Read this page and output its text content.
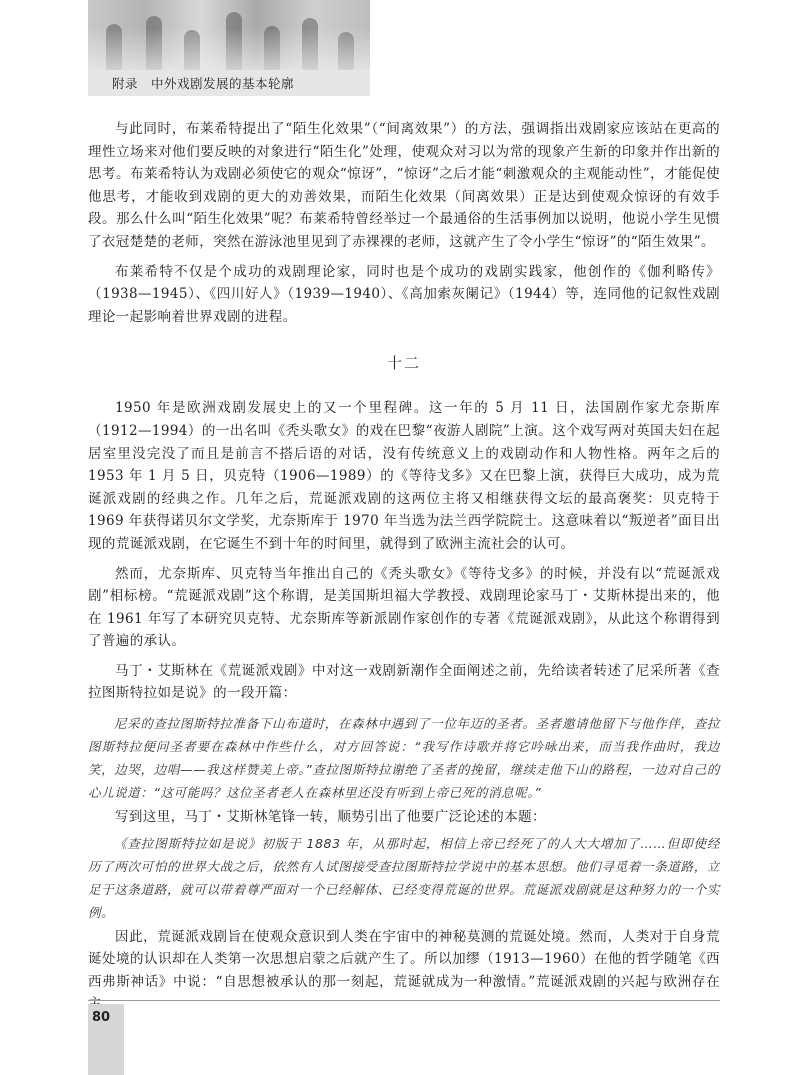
附录　中外戏剧发展的基本轮廓

与此同时，布莱希特提出了“陌生化效果”（“间离效果”）的方法，强调指出戏剧家应该站在更高的理性立场来对他们要反映的对象进行“陌生化”处理，使观众对习以为常的现象产生新的印象并作出新的思考。布莱希特认为戏剧必须使它的观众“惊讶”，“惊讶”之后才能“刺激观众的主观能动性”，才能促使他思考，才能收到戏剧的更大的劝善效果，而陌生化效果（间离效果）正是达到使观众惊讶的有效手段。那么什么叫“陌生化效果”呢？布莱希特曾经举过一个最通俗的生活事例加以说明，他说小学生见惯了衣冠楚楚的老师，突然在游泳池里见到了赤裸裸的老师，这就产生了令小学生“惊讶”的“陌生效果”。

布莱希特不仅是个成功的戏剧理论家，同时也是个成功的戏剧实践家，他创作的《伽利略传》（1938—1945）、《四川好人》（1939—1940）、《高加索灰阑记》（1944）等，连同他的记叙性戏剧理论一起影响着世界戏剧的进程。

十二

1950 年是欧洲戏剧发展史上的又一个里程碑。这一年的 5 月 11 日，法国剧作家尤奈斯库（1912—1994）的一出名叫《秃头歌女》的戏在巴黎“夜游人剧院”上演。这个戏写两对英国夫妇在起居室里没完没了而且是前言不搭后语的对话，没有传统意义上的戏剧动作和人物性格。两年之后的 1953 年 1 月 5 日，贝克特（1906—1989）的《等待戈多》又在巴黎上演，获得巨大成功，成为荒诞派戏剧的经典之作。几年之后，荒诞派戏剧的这两位主将又相继获得文坛的最高褒奖：贝克特于 1969 年获得诺贝尔文学奖，尤奈斯库于 1970 年当选为法兰西学院院士。这意味着以“叛逆者”面目出现的荒诞派戏剧，在它诞生不到十年的时间里，就得到了欧洲主流社会的认可。

然而，尤奈斯库、贝克特当年推出自己的《秃头歌女》《等待戈多》的时候，并没有以“荒诞派戏剧”相标榜。“荒诞派戏剧”这个称谓，是美国斯坦福大学教授、戏剧理论家马丁・艾斯林提出来的，他在 1961 年写了本研究贝克特、尤奈斯库等新派剧作家创作的专著《荒诞派戏剧》，从此这个称谓得到了普遍的承认。

马丁・艾斯林在《荒诞派戏剧》中对这一戏剧新潮作全面阐述之前，先给读者转述了尼采所著《查拉图斯特拉如是说》的一段开篇：

尼采的查拉图斯特拉准备下山布道时，在森林中遇到了一位年迈的圣者。圣者邀请他留下与他作伴，查拉图斯特拉便问圣者要在森林中作些什么，对方回答说：“我写作诗歌并将它吟咏出来，而当我作曲时，我边笑，边哭，边唱——我这样赞美上帝。”查拉图斯特拉谢绝了圣者的挽留，继续走他下山的路程，一边对自己的心儿说道：“这可能吗？这位圣者老人在森林里还没有听到上帝已死的消息呢。”

写到这里，马丁・艾斯林笔锋一转，顺势引出了他要广泛论述的本题：

《查拉图斯特拉如是说》初版于 1883 年，从那时起，相信上帝已经死了的人大大增加了……但即使经历了两次可怕的世界大战之后，依然有人试图接受查拉图斯特拉学说中的基本思想。他们寻觅着一条道路，立足于这条道路，就可以带着尊严面对一个已经解体、已经变得荒诞的世界。荒诞派戏剧就是这种努力的一个实例。

因此，荒诞派戏剧旨在使观众意识到人类在宇宙中的神秘莫测的荒诞处境。然而，人类对于自身荒诞处境的认识却在人类第一次思想启蒙之后就产生了。所以加缪（1913—1960）在他的哲学随笔《西西弗斯神话》中说：“自思想被承认的那一刻起，荒诞就成为一种激情。”荒诞派戏剧的兴起与欧洲存在

80
